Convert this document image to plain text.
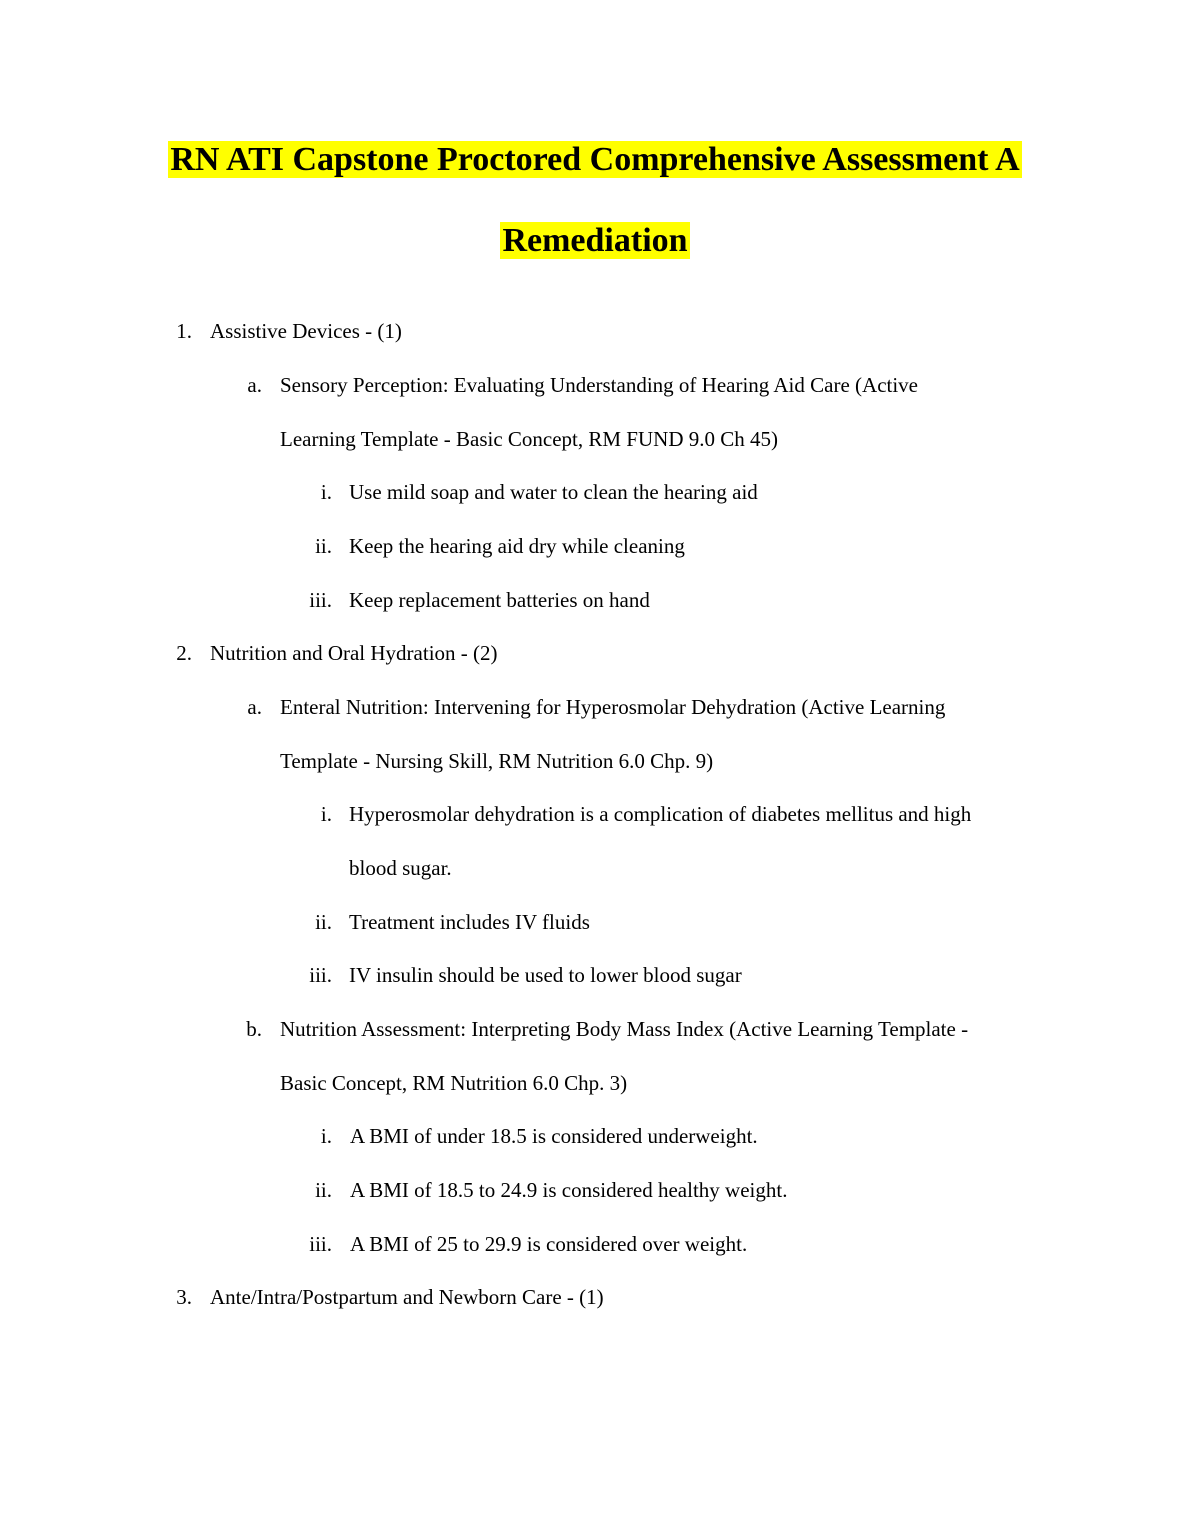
RN ATI Capstone Proctored Comprehensive Assessment A
Remediation
1. Assistive Devices - (1)
a. Sensory Perception: Evaluating Understanding of Hearing Aid Care (Active
Learning Template - Basic Concept, RM FUND 9.0 Ch 45)
i. Use mild soap and water to clean the hearing aid
ii. Keep the hearing aid dry while cleaning
iii. Keep replacement batteries on hand
2. Nutrition and Oral Hydration - (2)
a. Enteral Nutrition: Intervening for Hyperosmolar Dehydration (Active Learning
Template - Nursing Skill, RM Nutrition 6.0 Chp. 9)
i. Hyperosmolar dehydration is a complication of diabetes mellitus and high
blood sugar.
ii. Treatment includes IV fluids
iii. IV insulin should be used to lower blood sugar
b. Nutrition Assessment: Interpreting Body Mass Index (Active Learning Template -
Basic Concept, RM Nutrition 6.0 Chp. 3)
i. A BMI of under 18.5 is considered underweight.
ii. A BMI of 18.5 to 24.9 is considered healthy weight.
iii. A BMI of 25 to 29.9 is considered over weight.
3. Ante/Intra/Postpartum and Newborn Care - (1)
